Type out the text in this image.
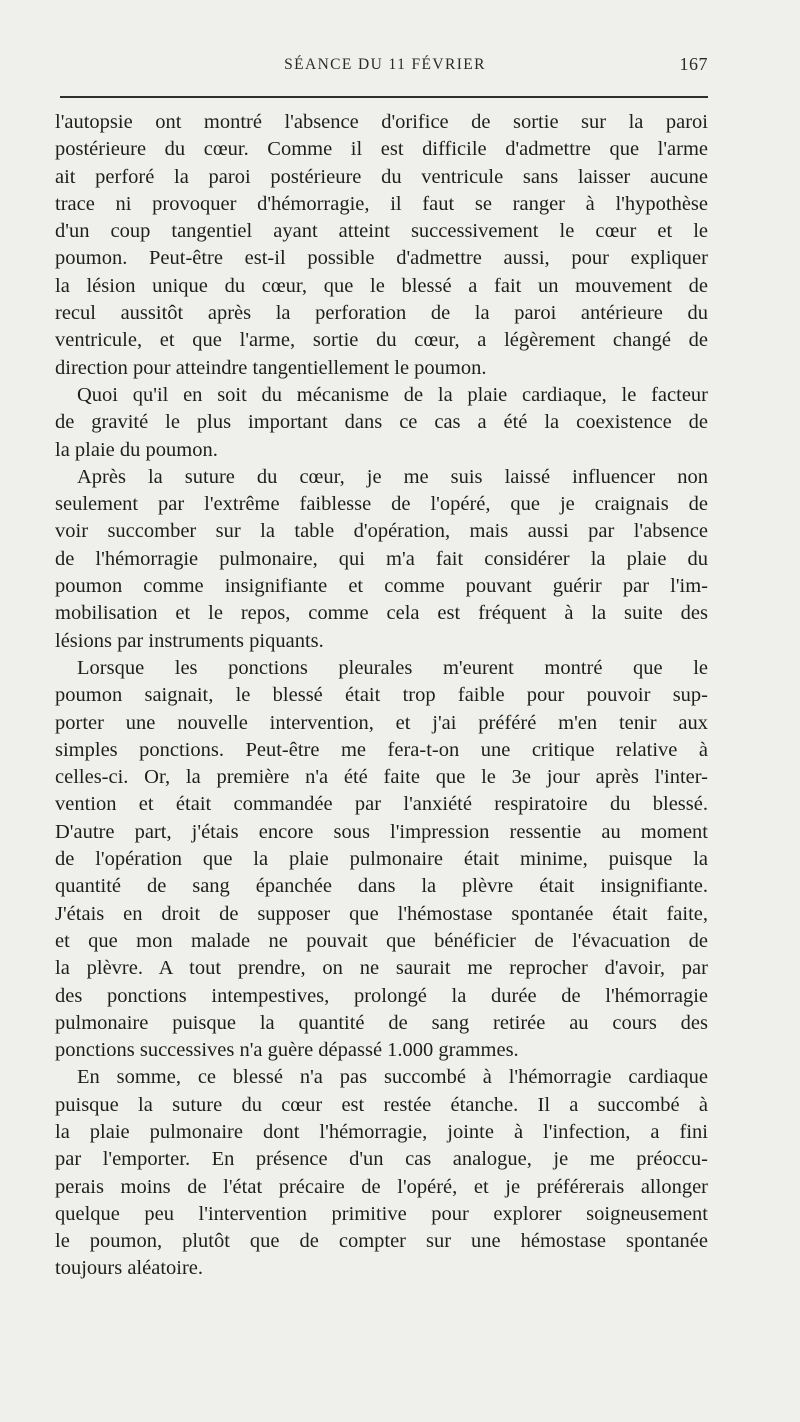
SÉANCE DU 11 FÉVRIER	167
l'autopsie ont montré l'absence d'orifice de sortie sur la paroi
postérieure du cœur. Comme il est difficile d'admettre que l'arme
ait perforé la paroi postérieure du ventricule sans laisser aucune
trace ni provoquer d'hémorragie, il faut se ranger à l'hypothèse
d'un coup tangentiel ayant atteint successivement le cœur et le
poumon. Peut-être est-il possible d'admettre aussi, pour expliquer
la lésion unique du cœur, que le blessé a fait un mouvement de
recul aussitôt après la perforation de la paroi antérieure du
ventricule, et que l'arme, sortie du cœur, a légèrement changé de
direction pour atteindre tangentiellement le poumon.
Quoi qu'il en soit du mécanisme de la plaie cardiaque, le facteur
de gravité le plus important dans ce cas a été la coexistence de
la plaie du poumon.
Après la suture du cœur, je me suis laissé influencer non
seulement par l'extrême faiblesse de l'opéré, que je craignais de
voir succomber sur la table d'opération, mais aussi par l'absence
de l'hémorragie pulmonaire, qui m'a fait considérer la plaie du
poumon comme insignifiante et comme pouvant guérir par l'im-
mobilisation et le repos, comme cela est fréquent à la suite des
lésions par instruments piquants.
Lorsque les ponctions pleurales m'eurent montré que le
poumon saignait, le blessé était trop faible pour pouvoir sup-
porter une nouvelle intervention, et j'ai préféré m'en tenir aux
simples ponctions. Peut-être me fera-t-on une critique relative à
celles-ci. Or, la première n'a été faite que le 3e jour après l'inter-
vention et était commandée par l'anxiété respiratoire du blessé.
D'autre part, j'étais encore sous l'impression ressentie au moment
de l'opération que la plaie pulmonaire était minime, puisque la
quantité de sang épanchée dans la plèvre était insignifiante.
J'étais en droit de supposer que l'hémostase spontanée était faite,
et que mon malade ne pouvait que bénéficier de l'évacuation de
la plèvre. A tout prendre, on ne saurait me reprocher d'avoir, par
des ponctions intempestives, prolongé la durée de l'hémorragie
pulmonaire puisque la quantité de sang retirée au cours des
ponctions successives n'a guère dépassé 1.000 grammes.
En somme, ce blessé n'a pas succombé à l'hémorragie cardiaque
puisque la suture du cœur est restée étanche. Il a succombé à
la plaie pulmonaire dont l'hémorragie, jointe à l'infection, a fini
par l'emporter. En présence d'un cas analogue, je me préoccu-
perais moins de l'état précaire de l'opéré, et je préférerais allonger
quelque peu l'intervention primitive pour explorer soigneusement
le poumon, plutôt que de compter sur une hémostase spontanée
toujours aléatoire.
